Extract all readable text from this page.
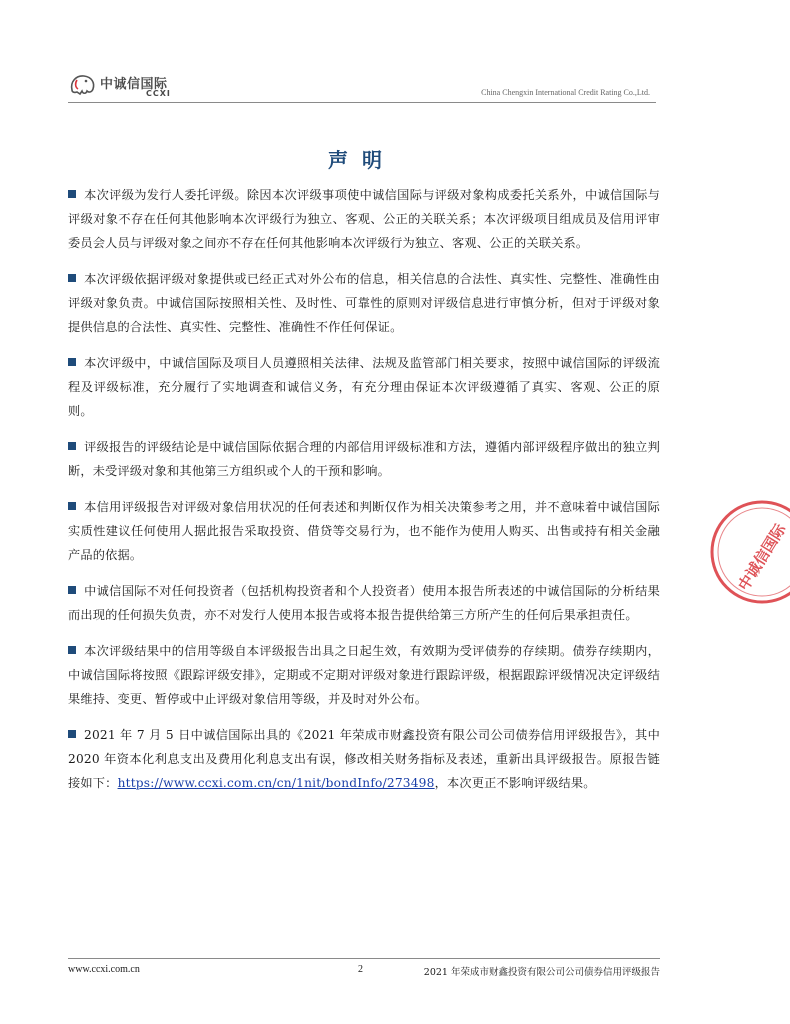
中诚信国际
CCXI	China Chengxin International Credit Rating Co.,Ltd.
声明

本次评级为发行人委托评级。除因本次评级事项使中诚信国际与评级对象构成委托关系外，中诚信国际与评级对象不存在任何其他影响本次评级行为独立、客观、公正的关联关系；本次评级项目组成员及信用评审委员会人员与评级对象之间亦不存在任何其他影响本次评级行为独立、客观、公正的关联关系。

本次评级依据评级对象提供或已经正式对外公布的信息，相关信息的合法性、真实性、完整性、准确性由评级对象负责。中诚信国际按照相关性、及时性、可靠性的原则对评级信息进行审慎分析，但对于评级对象提供信息的合法性、真实性、完整性、准确性不作任何保证。

本次评级中，中诚信国际及项目人员遵照相关法律、法规及监管部门相关要求，按照中诚信国际的评级流程及评级标准，充分履行了实地调查和诚信义务，有充分理由保证本次评级遵循了真实、客观、公正的原则。

评级报告的评级结论是中诚信国际依据合理的内部信用评级标准和方法，遵循内部评级程序做出的独立判断，未受评级对象和其他第三方组织或个人的干预和影响。

本信用评级报告对评级对象信用状况的任何表述和判断仅作为相关决策参考之用，并不意味着中诚信国际实质性建议任何使用人据此报告采取投资、借贷等交易行为，也不能作为使用人购买、出售或持有相关金融产品的依据。

中诚信国际不对任何投资者（包括机构投资者和个人投资者）使用本报告所表述的中诚信国际的分析结果而出现的任何损失负责，亦不对发行人使用本报告或将本报告提供给第三方所产生的任何后果承担责任。

本次评级结果中的信用等级自本评级报告出具之日起生效，有效期为受评债券的存续期。债券存续期内，中诚信国际将按照《跟踪评级安排》，定期或不定期对评级对象进行跟踪评级，根据跟踪评级情况决定评级结果维持、变更、暂停或中止评级对象信用等级，并及时对外公布。

2021 年 7 月 5 日中诚信国际出具的《2021 年荣成市财鑫投资有限公司公司债券信用评级报告》，其中 2020 年资本化利息支出及费用化利息支出有误，修改相关财务指标及表述，重新出具评级报告。原报告链接如下：https://www.ccxi.com.cn/cn/1nit/bondInfo/273498，本次更正不影响评级结果。

中诚信国际
www.ccxi.com.cn	2	2021 年荣成市财鑫投资有限公司公司债券信用评级报告
